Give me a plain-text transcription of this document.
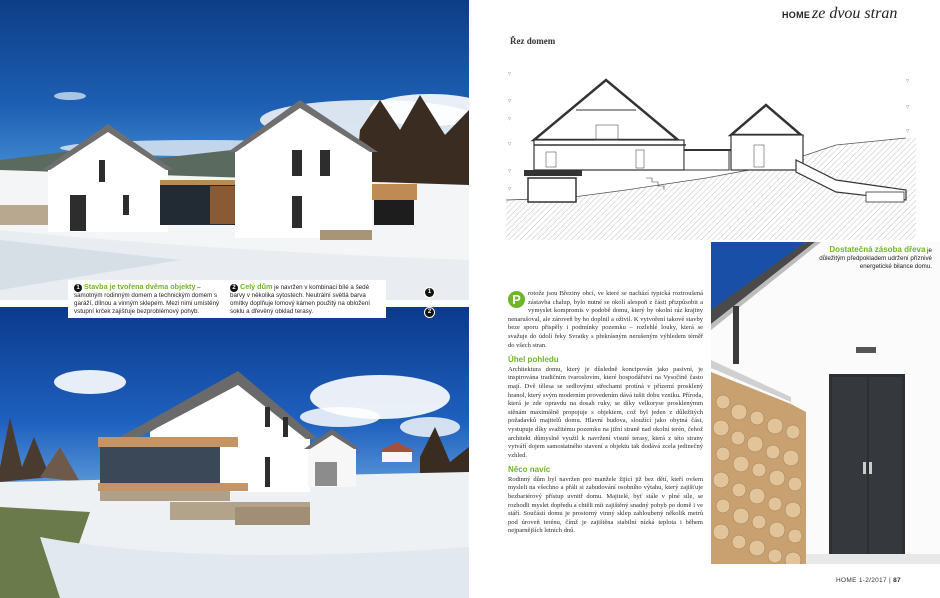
1
2
1 Stavba je tvořena dvěma objekty – samotným rodinným domem a technickým domem s garáží, dílnou a vinným sklepem. Mezi nimi umístěný vstupní krček zajišťuje bezproblémový pohyb.
2 Celý dům je navržen v kombinaci bílé a šedé barvy v několika sytostech. Neutrální světlá barva omítky doplňuje lomový kámen použitý na obložení soklu a dřevěný obklad terasy.
HOME ze dvou stran
Řez domem
▽
▽
▽
▽
▽
▽
▽
▽
▽

P	rotože jsou Březiny obcí, ve které se nachází typická roztroušená zástavba chalup, bylo nutné se okolí alespoň z části přizpůsobit a vymyslet kompromis v podobě domu, který by okolní ráz krajiny nenarušoval, ale zároveň by ho doplnil a oživil. K vytvoření takové stavby beze sporu přispěly i podmínky pozemku – rozlehlé louky, která se svažuje do údolí řeky Svratky s překrásným nerušeným výhledem téměř do všech stran.

Úhel pohledu

Architektura domu, který je důsledně koncipován jako pasivní, je inspirována tradičním tvaroslovím, které hospodářství na Vysočině často mají. Dvě tělesa se sedlovými střechami protíná v přízemí prosklený hranol, který svým moderním provedením dává tušit dobu vzniku. Příroda, která je zde opravdu na dosah ruky, se díky velkoryse prosklenýmm stěnám maximálně propojuje s objektem, což byl jeden z důležitých požadavků majitelů domu. Hlavní budova, sloužící jako obytná část, vystupuje díky svažitému pozemku na jižní straně nad okolní terén, čehož architekt důmyslně využil k navržení visuté terasy, která z této strany vytváří dojem samostatného stavení a objektu tak dodává zcela jedinečný vzhled.

Něco navíc

Rodinný dům byl navržen pro manžele žijící již bez dětí, kteří ovšem mysleli na všechno a přáli si zabudování osobního výtahu, který zajišťuje bezbariérový přístup uvnitř domu. Majitelé, byť stále v plné síle, se rozhodli myslet dopředu a chtěli mít zajištěný snadný pohyb po domě i ve stáří. Součástí domu je prostorný vinný sklep zahloubený několik metrů pod úroveň terénu, čímž je zajištěna stabilní nízká teplota i během nejparnějších letních dnů.

Dostatečná zásoba dřeva je důležitým předpokladem udržení příznivé energetické bilance domu.
HOME 1-2/2017 | 87
